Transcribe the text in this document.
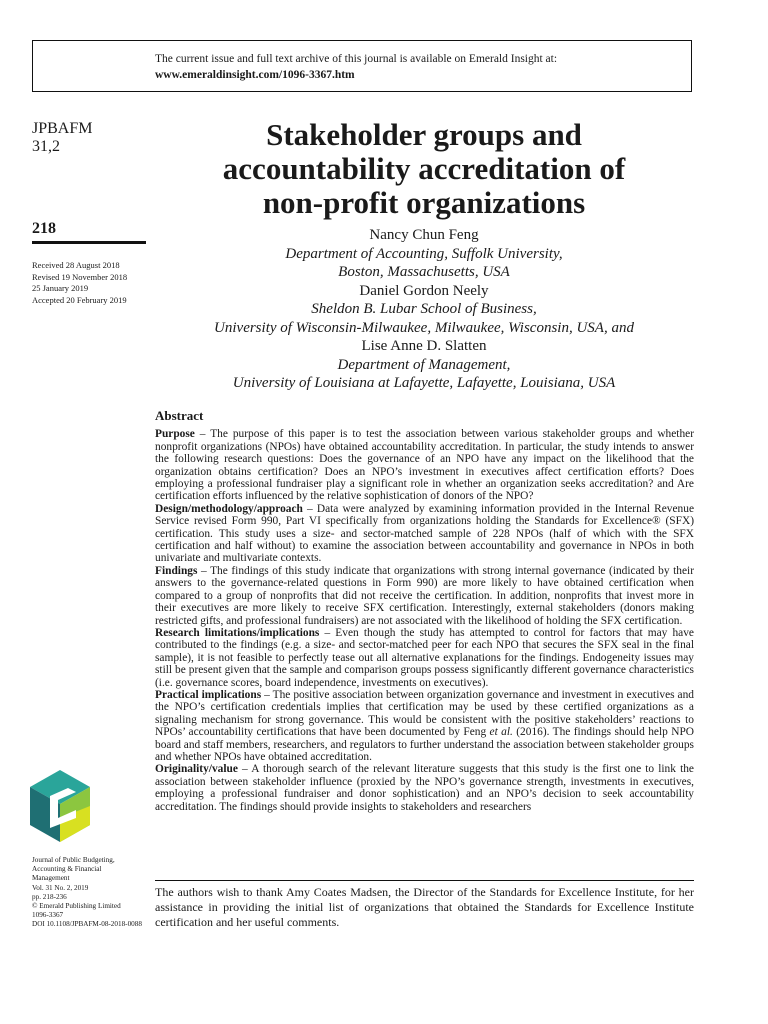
The current issue and full text archive of this journal is available on Emerald Insight at:
www.emeraldinsight.com/1096-3367.htm
JPBAFM
31,2
218
Received 28 August 2018
Revised 19 November 2018
25 January 2019
Accepted 20 February 2019
Journal of Public Budgeting,
Accounting & Financial
Management
Vol. 31 No. 2, 2019
pp. 218-236
© Emerald Publishing Limited
1096-3367
DOI 10.1108/JPBAFM-08-2018-0088
Stakeholder groups and
accountability accreditation of
non-profit organizations
Nancy Chun Feng
Department of Accounting, Suffolk University,
Boston, Massachusetts, USA
Daniel Gordon Neely
Sheldon B. Lubar School of Business,
University of Wisconsin-Milwaukee, Milwaukee, Wisconsin, USA, and
Lise Anne D. Slatten
Department of Management,
University of Louisiana at Lafayette, Lafayette, Louisiana, USA
Abstract

Purpose – The purpose of this paper is to test the association between various stakeholder groups and whether nonprofit organizations (NPOs) have obtained accountability accreditation. In particular, the study intends to answer the following research questions: Does the governance of an NPO have any impact on the likelihood that the organization obtains certification? Does an NPO’s investment in executives affect certification efforts? Does employing a professional fundraiser play a significant role in whether an organization seeks accreditation? and Are certification efforts influenced by the relative sophistication of donors of the NPO?

Design/methodology/approach – Data were analyzed by examining information provided in the Internal Revenue Service revised Form 990, Part VI specifically from organizations holding the Standards for Excellence® (SFX) certification. This study uses a size- and sector-matched sample of 228 NPOs (half of which with the SFX certification and half without) to examine the association between accountability and governance in NPOs in both univariate and multivariate contexts.

Findings – The findings of this study indicate that organizations with strong internal governance (indicated by their answers to the governance-related questions in Form 990) are more likely to have obtained certification when compared to a group of nonprofits that did not receive the certification. In addition, nonprofits that invest more in their executives are more likely to receive SFX certification. Interestingly, external stakeholders (donors making restricted gifts, and professional fundraisers) are not associated with the likelihood of holding the SFX certification.

Research limitations/implications – Even though the study has attempted to control for factors that may have contributed to the findings (e.g. a size- and sector-matched peer for each NPO that secures the SFX seal in the final sample), it is not feasible to perfectly tease out all alternative explanations for the findings. Endogeneity issues may still be present given that the sample and comparison groups possess significantly different governance characteristics (i.e. governance scores, board independence, investments on executives).

Practical implications – The positive association between organization governance and investment in executives and the NPO’s certification credentials implies that certification may be used by these certified organizations as a signaling mechanism for strong governance. This would be consistent with the positive stakeholders’ reactions to NPOs’ accountability certifications that have been documented by Feng et al. (2016). The findings should help NPO board and staff members, researchers, and regulators to further understand the association between stakeholder groups and whether NPOs have obtained accreditation.

Originality/value – A thorough search of the relevant literature suggests that this study is the first one to link the association between stakeholder influence (proxied by the NPO’s governance strength, investments in executives, employing a professional fundraiser and donor sophistication) and an NPO’s decision to seek accountability accreditation. The findings should provide insights to stakeholders and researchers

The authors wish to thank Amy Coates Madsen, the Director of the Standards for Excellence Institute, for her assistance in providing the initial list of organizations that obtained the Standards for Excellence Institute certification and her useful comments.
